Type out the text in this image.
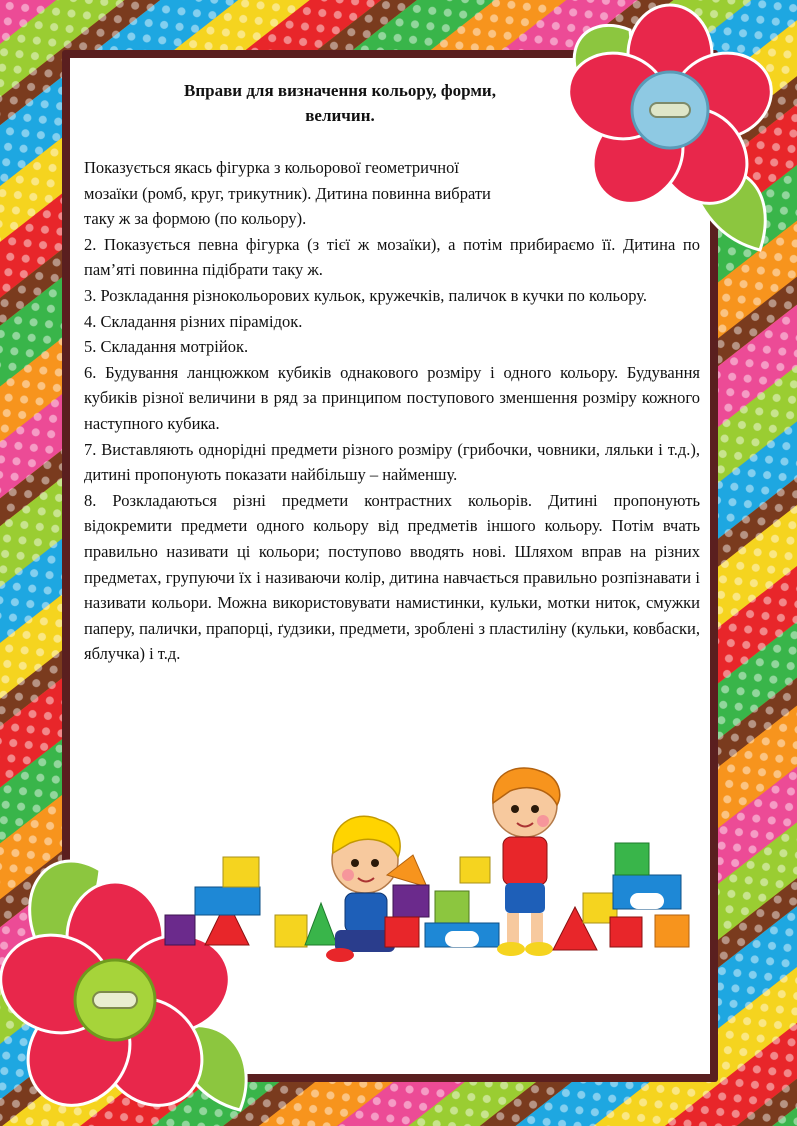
Вправи для визначення кольору, форми,
величин.

Показується якась фігурка з кольорової геометричної

мозаїки (ромб, круг, трикутник). Дитина повинна вибрати

таку ж за формою (по кольору).

2. Показується певна фігурка (з тієї ж мозаїки), а потім прибираємо її. Дитина по пам’яті повинна підібрати таку ж.

3. Розкладання різнокольорових кульок, кружечків, паличок в кучки по кольору.

4. Складання різних пірамідок.

5. Складання мотрійок.

6. Будування ланцюжком кубиків однакового розміру і одного кольору. Будування кубиків різної величини в ряд за принципом поступового зменшення розміру кожного наступного кубика.

7. Виставляють однорідні предмети різного розміру (грибочки, човники, ляльки і т.д.), дитині пропонують показати найбільшу – найменшу.

8. Розкладаються різні предмети контрастних кольорів. Дитині пропонують відокремити предмети одного кольору від предметів іншого кольору. Потім вчать правильно називати ці кольори; поступово вводять нові. Шляхом вправ на різних предметах, групуючи їх і називаючи колір, дитина навчається правильно розпізнавати і називати кольори. Можна використовувати намистинки, кульки, мотки ниток, смужки паперу, палички, прапорці, ґудзики, предмети, зроблені з пластиліну (кульки, ковбаски, яблучка) і т.д.
